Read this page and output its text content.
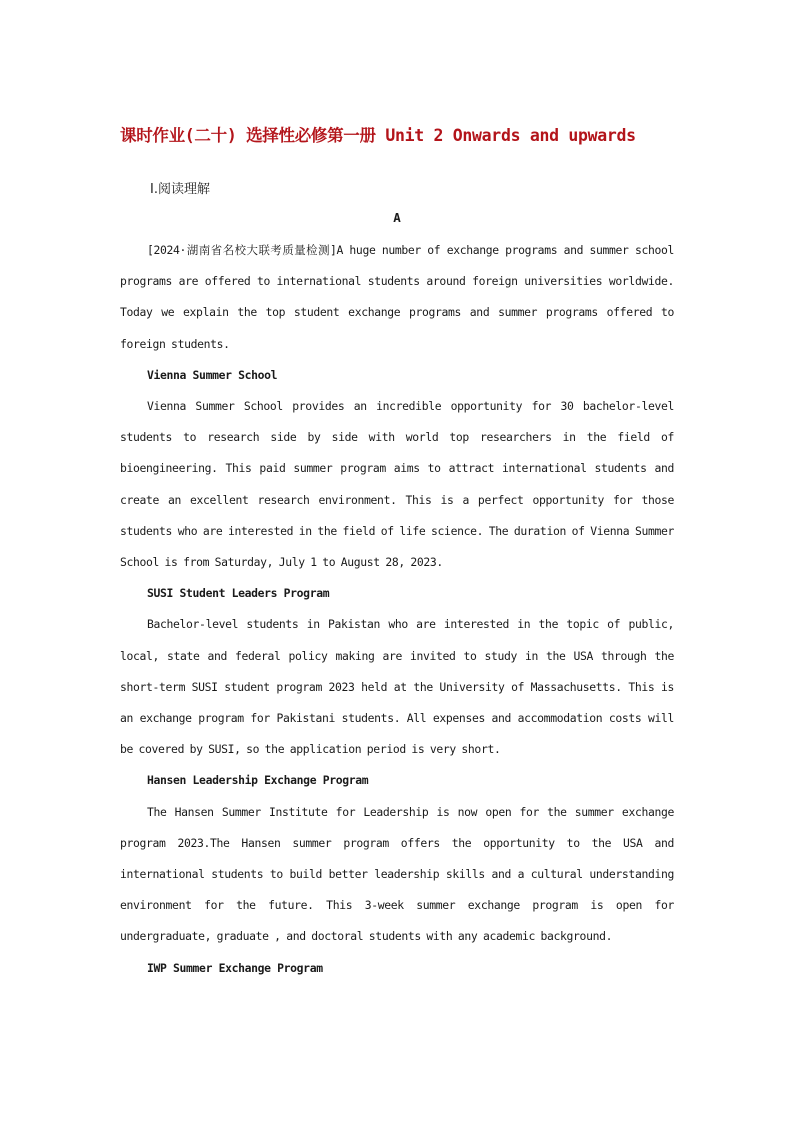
课时作业(二十) 选择性必修第一册 Unit 2 Onwards and upwards
Ⅰ.阅读理解
A

[2024·湖南省名校大联考质量检测]A huge number of exchange programs and summer school programs are offered to international students around foreign universities worldwide. Today we explain the top student exchange programs and summer programs offered to foreign students.

Vienna Summer School

Vienna Summer School provides an incredible opportunity for 30 bachelor-level students to research side by side with world top researchers in the field of bioengineering. This paid summer program aims to attract international students and create an excellent research environment. This is a perfect opportunity for those students who are interested in the field of life science. The duration of Vienna Summer School is from Saturday, July 1 to August 28, 2023.

SUSI Student Leaders Program

Bachelor-level students in Pakistan who are interested in the topic of public, local, state and federal policy making are invited to study in the USA through the short-term SUSI student program 2023 held at the University of Massachusetts. This is an exchange program for Pakistani students. All expenses and accommodation costs will be covered by SUSI, so the application period is very short.

Hansen Leadership Exchange Program

The Hansen Summer Institute for Leadership is now open for the summer exchange program 2023.The Hansen summer program offers the opportunity to the USA and international students to build better leadership skills and a cultural understanding environment for the future. This 3-week summer exchange program is open for undergraduate, graduate , and doctoral students with any academic background.

IWP Summer Exchange Program
